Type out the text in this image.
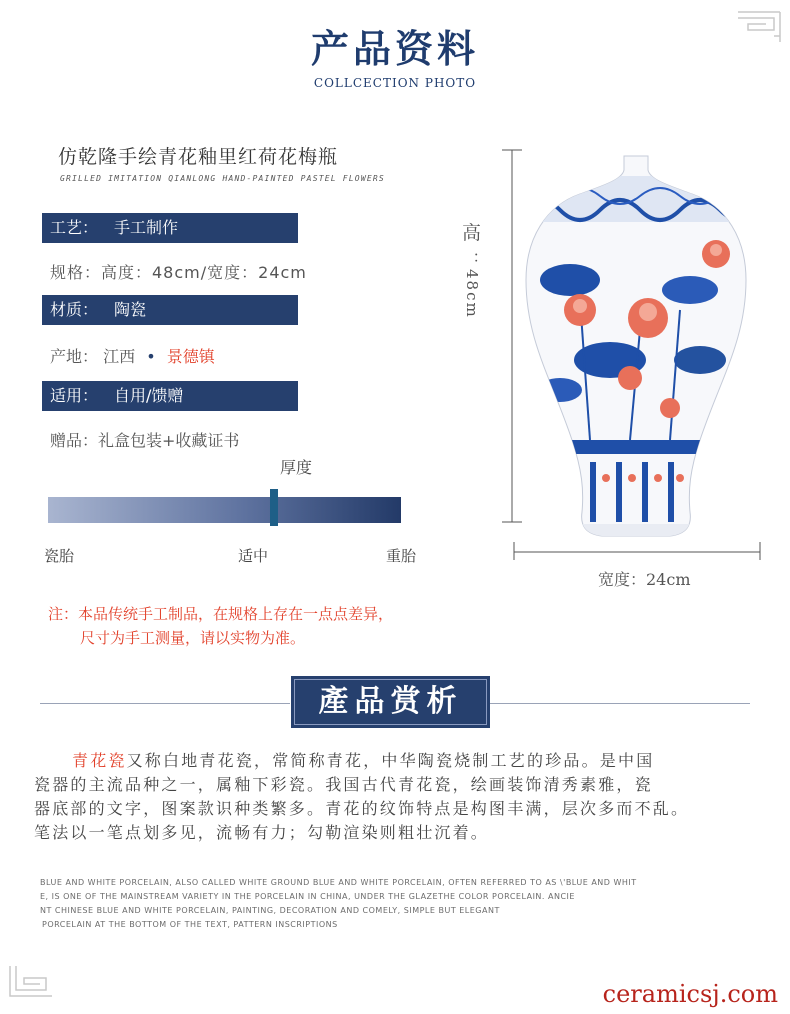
产品资料
COLLCECTION PHOTO
仿乾隆手绘青花釉里红荷花梅瓶
GRILLED IMITATION QIANLONG HAND-PAINTED PASTEL FLOWERS
工艺： 手工制作
规格：高度：48cm/宽度：24cm
材质： 陶瓷
产地： 江西 • 景德镇
适用： 自用/馈赠
赠品：礼盒包装+收藏证书
厚度
瓷胎	适中	重胎
注：本品传统手工制品，在规格上存在一点点差异，
尺寸为手工测量，请以实物为准。
高
：48cm
宽度：24cm
產品赏析
青花瓷又称白地青花瓷，常简称青花，中华陶瓷烧制工艺的珍品。是中国
瓷器的主流品种之一，属釉下彩瓷。我国古代青花瓷，绘画装饰清秀素雅，瓷
器底部的文字，图案款识种类繁多。青花的纹饰特点是构图丰满，层次多而不乱。
笔法以一笔点划多见，流畅有力；勾勒渲染则粗壮沉着。
BLUE AND WHITE PORCELAIN, ALSO CALLED WHITE GROUND BLUE AND WHITE PORCELAIN, OFTEN REFERRED TO AS \'BLUE AND WHIT
E, IS ONE OF THE MAINSTREAM VARIETY IN THE PORCELAIN IN CHINA, UNDER THE GLAZETHE COLOR PORCELAIN. ANCIE
NT CHINESE BLUE AND WHITE PORCELAIN, PAINTING, DECORATION AND COMELY, SIMPLE BUT ELEGANT
PORCELAIN AT THE BOTTOM OF THE TEXT, PATTERN INSCRIPTIONS
ceramicsj.com
